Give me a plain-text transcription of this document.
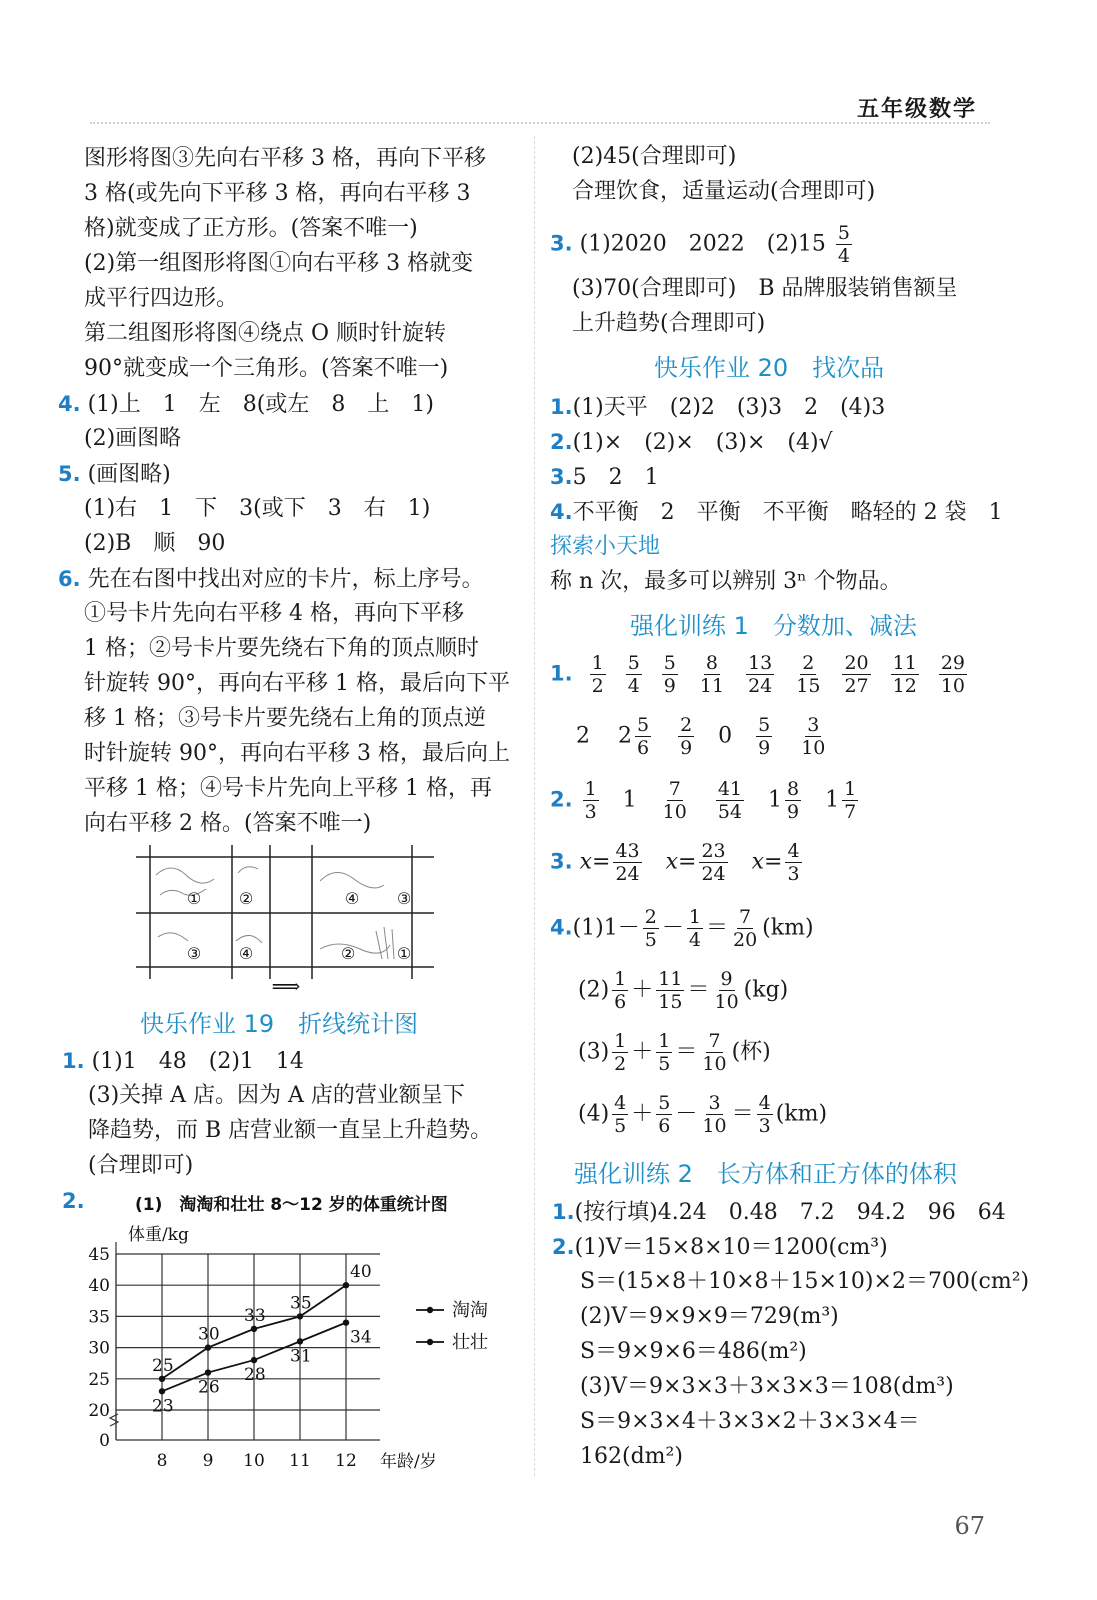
五年级数学
图形将图③先向右平移 3 格，再向下平移
3 格(或先向下平移 3 格，再向右平移 3
格)就变成了正方形。(答案不唯一)
(2)第一组图形将图①向右平移 3 格就变
成平行四边形。
第二组图形将图④绕点 O 顺时针旋转
90°就变成一个三角形。(答案不唯一)
4. (1)上　1　左　8(或左　8　上　1)
(2)画图略
5. (画图略)
(1)右　1　下　3(或下　3　右　1)
(2)B　顺　90
6. 先在右图中找出对应的卡片，标上序号。
①号卡片先向右平移 4 格，再向下平移
1 格；②号卡片要先绕右下角的顶点顺时
针旋转 90°，再向右平移 1 格，最后向下平
移 1 格；③号卡片要先绕右上角的顶点逆
时针旋转 90°，再向右平移 3 格，最后向上
平移 1 格；④号卡片先向上平移 1 格，再
向右平移 2 格。(答案不唯一)
① ②	④ ③
③ ④	②	①
⟹
快乐作业 19　折线统计图
1. (1)1　48　(2)1　14
(3)关掉 A 店。因为 A 店的营业额呈下
降趋势，而 B 店营业额一直呈上升趋势。
(合理即可)
2.	(1)　淘淘和壮壮 8～12 岁的体重统计图
体重/kg
年龄/岁
0
20
25
30
35
40
45
8 9 10 11 12
25
30
33
35
40
23
26
28
31
34
淘淘
壮壮
(2)45(合理即可)
合理饮食，适量运动(合理即可)
3. (1)2020　2022　$(2)15 \frac{5}{4}$
(3)70(合理即可)　B 品牌服装销售额呈
上升趋势(合理即可)
快乐作业 20　找次品
1.(1)天平　(2)2　(3)3　2　(4)3
2.(1)×　(2)×　(3)×　(4)√
3.5　2　1
4.不平衡　2　平衡　不平衡　略轻的 2 袋　1
探索小天地
称 n 次，最多可以辨别 3ⁿ 个物品。
强化训练 1　分数加、减法
1. $\frac{1}{2} \frac{5}{4} \frac{5}{9} \frac{8}{11} \frac{13}{24} \frac{2}{15} \frac{20}{27} \frac{11}{12} \frac{29}{10}$
2 $2 \frac{5}{6}$
$\frac{2}{9} 0 \frac{5}{9}$
$\frac{3}{10}$
2. $\frac{1}{3} 1 \frac{7}{10}$
$\frac{41}{54} 1 \frac{8}{9} 1 \frac{1}{7}$
3. $x= \frac{43}{24} x= \frac{23}{24} x= \frac{4}{3}$
$4.(1)1- \frac{2}{5} - \frac{1}{4} = \frac{7}{20} (km)$
$(2) \frac{1}{6} + \frac{11}{15} = \frac{9}{10} (kg)$
$(3) \frac{1}{2} + \frac{1}{5} = \frac{7}{10}$ (杯)
$(4) \frac{4}{5} + \frac{5}{6} - \frac{3}{10} = \frac{4}{3} (km)$
强化训练 2　长方体和正方体的体积
1.(按行填)4.24　0.48　7.2　94.2　96　64
2.(1)V＝15×8×10＝1200(cm³)
S＝(15×8＋10×8＋15×10)×2＝700(cm²)
(2)V＝9×9×9＝729(m³)
S＝9×9×6＝486(m²)
(3)V＝9×3×3＋3×3×3＝108(dm³)
S＝9×3×4＋3×3×2＋3×3×4＝
162(dm²)
67
